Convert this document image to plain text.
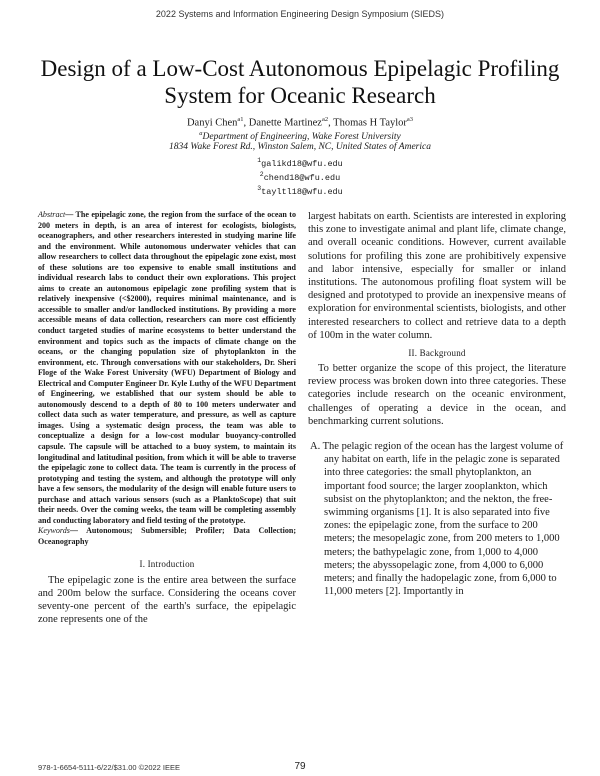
2022 Systems and Information Engineering Design Symposium (SIEDS)
Design of a Low-Cost Autonomous Epipelagic Profiling
System for Oceanic Research
Danyi Chen$^{a1}$, Danette Martinez$^{a2}$, Thomas H Taylor$^{a3}$
$^a$Department of Engineering, Wake Forest University
1834 Wake Forest Rd., Winston Salem, NC, United States of America
$^1$galikd18@wfu.edu
$^2$chend18@wfu.edu
$^3$tayltl18@wfu.edu

Abstract— The epipelagic zone, the region from the surface of the ocean to 200 meters in depth, is an area of interest for ecologists, biologists, oceanographers, and other researchers interested in studying marine life and the environment. While autonomous underwater vehicles that can allow researchers to collect data throughout the epipelagic zone exist, most of these solutions are too expensive to enable small institutions and individual research labs to conduct their own explorations. This project aims to create an autonomous epipelagic zone profiling system that is relatively inexpensive (<$2000), requires minimal maintenance, and is accessible to smaller and/or landlocked institutions. By providing a more accessible means of data collection, researchers can more cost efficiently conduct targeted studies of marine ecosystems to better understand the environment and topics such as the impacts of climate change on the oceans, or the changing population size of phytoplankton in the environment, etc. Through conversations with our stakeholders, Dr. Sheri Floge of the Wake Forest University (WFU) Department of Biology and Electrical and Computer Engineer Dr. Kyle Luthy of the WFU Department of Engineering, we established that our system should be able to autonomously descend to a depth of 80 to 100 meters underwater and collect data such as water temperature, and pressure, as well as capture images. Using a systematic design process, the team was able to conceptualize a design for a low-cost modular buoyancy-controlled capsule. The capsule will be attached to a buoy system, to maintain its longitudinal and latitudinal position, from which it will be able to traverse the epipelagic zone to collect data. The team is currently in the process of prototyping and testing the system, and although the prototype will only have a few sensors, the modularity of the design will enable future users to purchase and attach various sensors (such as a PlanktoScope) that suit their needs. Over the coming weeks, the team will be completing assembly and conducting laboratory and field testing of the prototype.

Keywords— Autonomous; Submersible; Profiler; Data Collection; Oceanography

I. Introduction

The epipelagic zone is the entire area between the surface and 200m below the surface. Considering the oceans cover seventy-one percent of the earth's surface, the epipelagic zone represents one of the

largest habitats on earth. Scientists are interested in exploring this zone to investigate animal and plant life, climate change, and overall oceanic conditions. However, current available solutions for profiling this zone are prohibitively expensive and labor intensive, especially for smaller or inland institutions. The autonomous profiling float system will be designed and prototyped to provide an inexpensive means of exploration for environmental scientists, biologists, and other interested researchers to collect and retrieve data to a depth of 100m in the water column.

II. Background

To better organize the scope of this project, the literature review process was broken down into three categories. These categories include research on the oceanic environment, challenges of operating a device in the ocean, and benchmarking current solutions.

A. The pelagic region of the ocean has the largest volume of any habitat on earth, life in the pelagic zone is separated into three categories: the small phytoplankton, an important food source; the larger zooplankton, which subsist on the phytoplankton; and the nekton, the free-swimming organisms [1]. It is also separated into five zones: the epipelagic zone, from the surface to 200 meters; the mesopelagic zone, from 200 meters to 1,000 meters; the bathypelagic zone, from 1,000 to 4,000 meters; the abyssopelagic zone, from 4,000 to 6,000 meters; and finally the hadopelagic zone, from 6,000 to 11,000 meters [2]. Importantly in

978-1-6654-5111-6/22/$31.00 ©2022 IEEE	79
